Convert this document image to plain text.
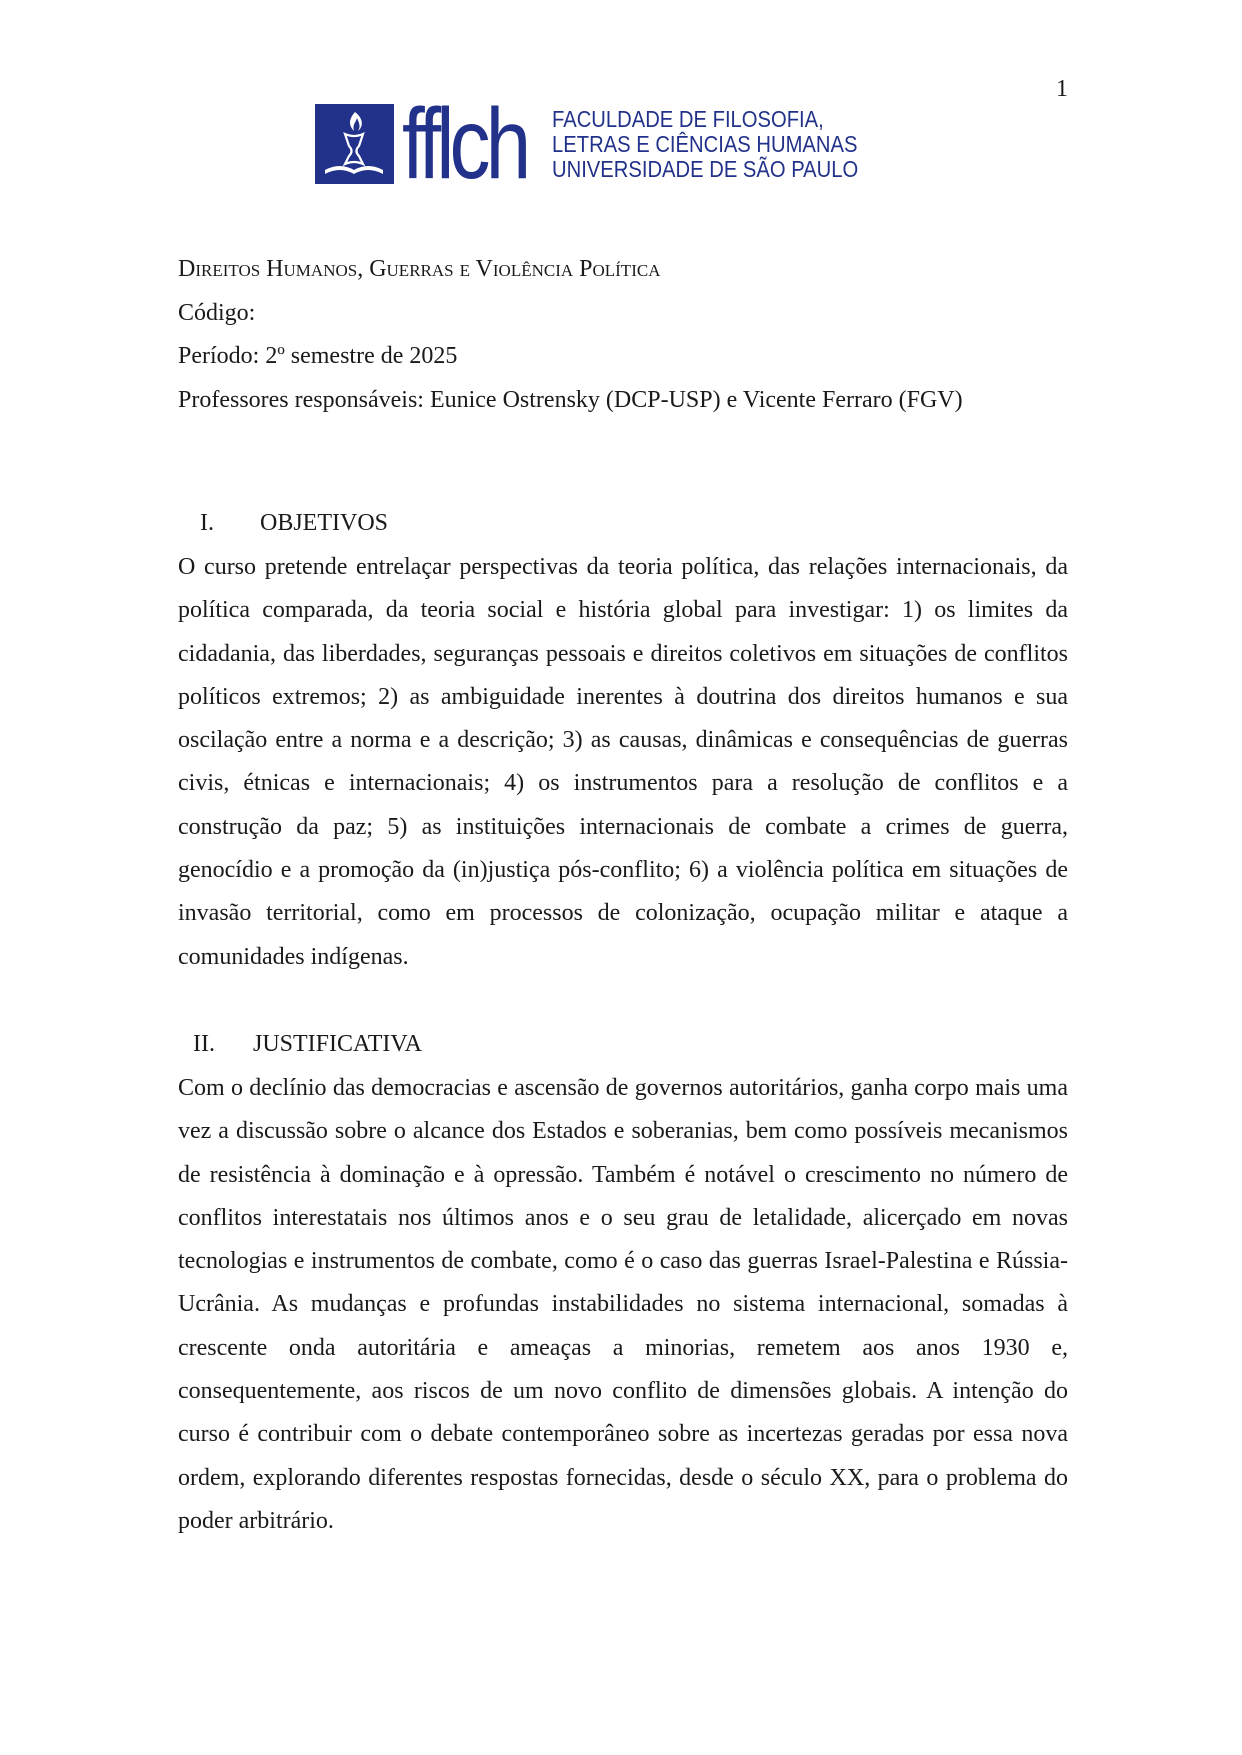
1
fflch FACULDADE DE FILOSOFIA,
LETRAS E CIÊNCIAS HUMANAS
UNIVERSIDADE DE SÃO PAULO
Direitos Humanos, Guerras e Violência Política
Código:
Período: 2º semestre de 2025
Professores responsáveis: Eunice Ostrensky (DCP-USP) e Vicente Ferraro (FGV)
I.	OBJETIVOS
O curso pretende entrelaçar perspectivas da teoria política, das relações internacionais, da política comparada, da teoria social e história global para investigar: 1) os limites da cidadania, das liberdades, seguranças pessoais e direitos coletivos em situações de conflitos políticos extremos; 2) as ambiguidade inerentes à doutrina dos direitos humanos e sua oscilação entre a norma e a descrição; 3) as causas, dinâmicas e consequências de guerras civis, étnicas e internacionais; 4) os instrumentos para a resolução de conflitos e a construção da paz; 5) as instituições internacionais de combate a crimes de guerra, genocídio e a promoção da (in)justiça pós-conflito; 6) a violência política em situações de invasão territorial, como em processos de colonização, ocupação militar e ataque a comunidades indígenas.
II.	JUSTIFICATIVA
Com o declínio das democracias e ascensão de governos autoritários, ganha corpo mais uma vez a discussão sobre o alcance dos Estados e soberanias, bem como possíveis mecanismos de resistência à dominação e à opressão. Também é notável o crescimento no número de conflitos interestatais nos últimos anos e o seu grau de letalidade, alicerçado em novas tecnologias e instrumentos de combate, como é o caso das guerras Israel-Palestina e Rússia-Ucrânia. As mudanças e profundas instabilidades no sistema internacional, somadas à crescente onda autoritária e ameaças a minorias, remetem aos anos 1930 e, consequentemente, aos riscos de um novo conflito de dimensões globais. A intenção do curso é contribuir com o debate contemporâneo sobre as incertezas geradas por essa nova ordem, explorando diferentes respostas fornecidas, desde o século XX, para o problema do poder arbitrário.
